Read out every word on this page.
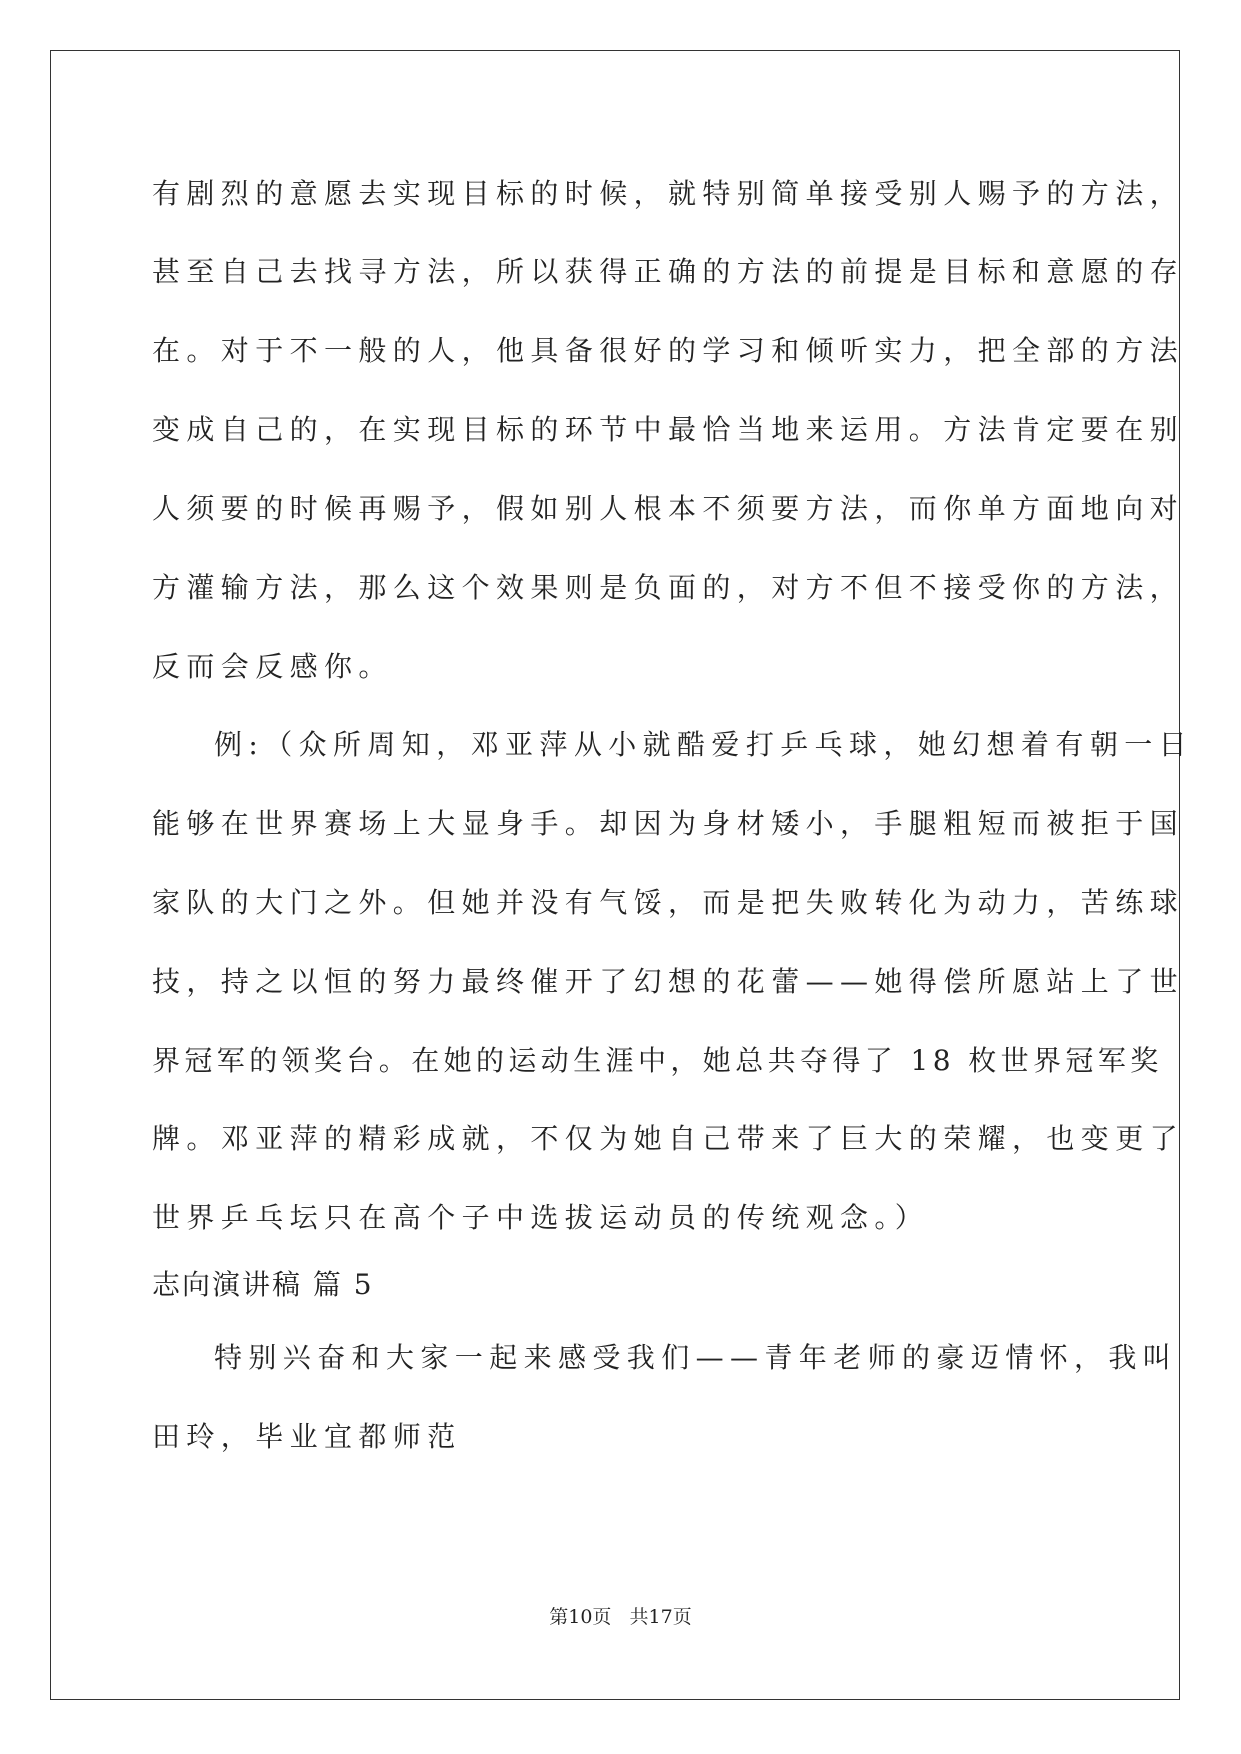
有剧烈的意愿去实现目标的时候，就特别简单接受别人赐予的方法，
甚至自己去找寻方法，所以获得正确的方法的前提是目标和意愿的存
在。对于不一般的人，他具备很好的学习和倾听实力，把全部的方法
变成自己的，在实现目标的环节中最恰当地来运用。方法肯定要在别
人须要的时候再赐予，假如别人根本不须要方法，而你单方面地向对
方灌输方法，那么这个效果则是负面的，对方不但不接受你的方法，
反而会反感你。
例:（众所周知，邓亚萍从小就酷爱打乒乓球，她幻想着有朝一日
能够在世界赛场上大显身手。却因为身材矮小，手腿粗短而被拒于国
家队的大门之外。但她并没有气馁，而是把失败转化为动力，苦练球
技，持之以恒的努力最终催开了幻想的花蕾——她得偿所愿站上了世
界冠军的领奖台。在她的运动生涯中，她总共夺得了 18 枚世界冠军奖
牌。邓亚萍的精彩成就，不仅为她自己带来了巨大的荣耀，也变更了
世界乒乓坛只在高个子中选拔运动员的传统观念。）
志向演讲稿 篇 5
特别兴奋和大家一起来感受我们——青年老师的豪迈情怀，我叫
田玲，毕业宜都师范
第10页   共17页
